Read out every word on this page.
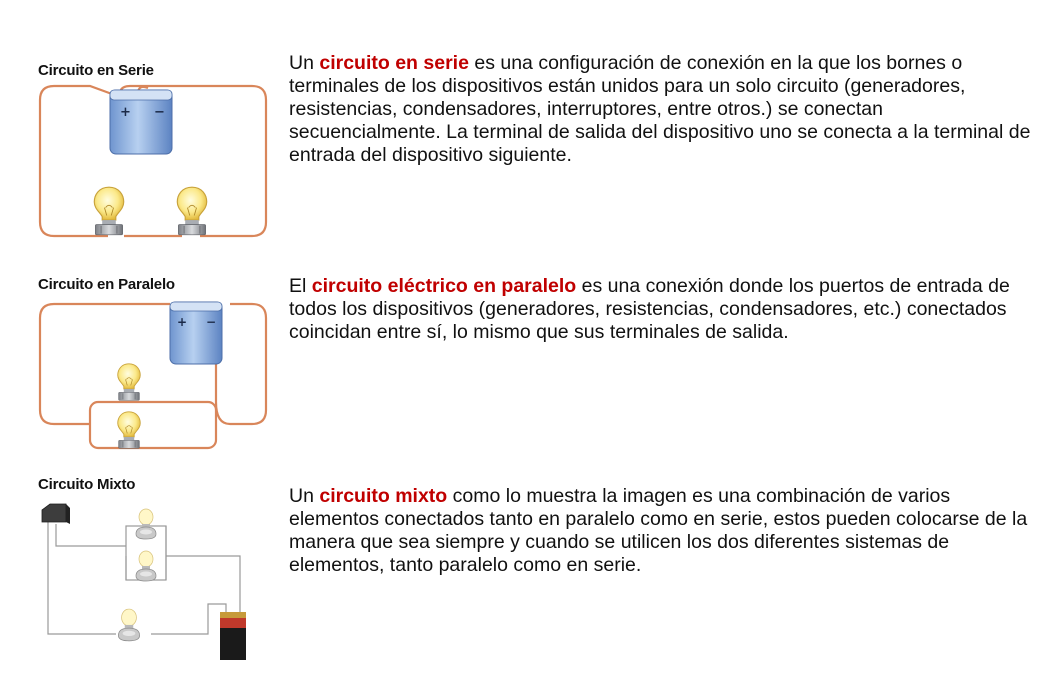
Circuito en Serie
+ −
Un circuito en serie es una configuración de conexión en la que los bornes o terminales de los dispositivos están unidos para un solo circuito (generadores, resistencias, condensadores, interruptores, entre otros.) se conectan secuencialmente. La terminal de salida del dispositivo uno se conecta a la terminal de entrada del dispositivo siguiente.
Circuito en Paralelo
+ −
El circuito eléctrico en paralelo es una conexión donde los puertos de entrada de todos los dispositivos (generadores, resistencias, condensadores, etc.) conectados coincidan entre sí, lo mismo que sus terminales de salida.
Circuito Mixto
Un circuito mixto como lo muestra la imagen es una combinación de varios elementos conectados tanto en paralelo como en serie, estos pueden colocarse de la manera que sea siempre y cuando se utilicen los dos diferentes sistemas de elementos, tanto paralelo como en serie.
